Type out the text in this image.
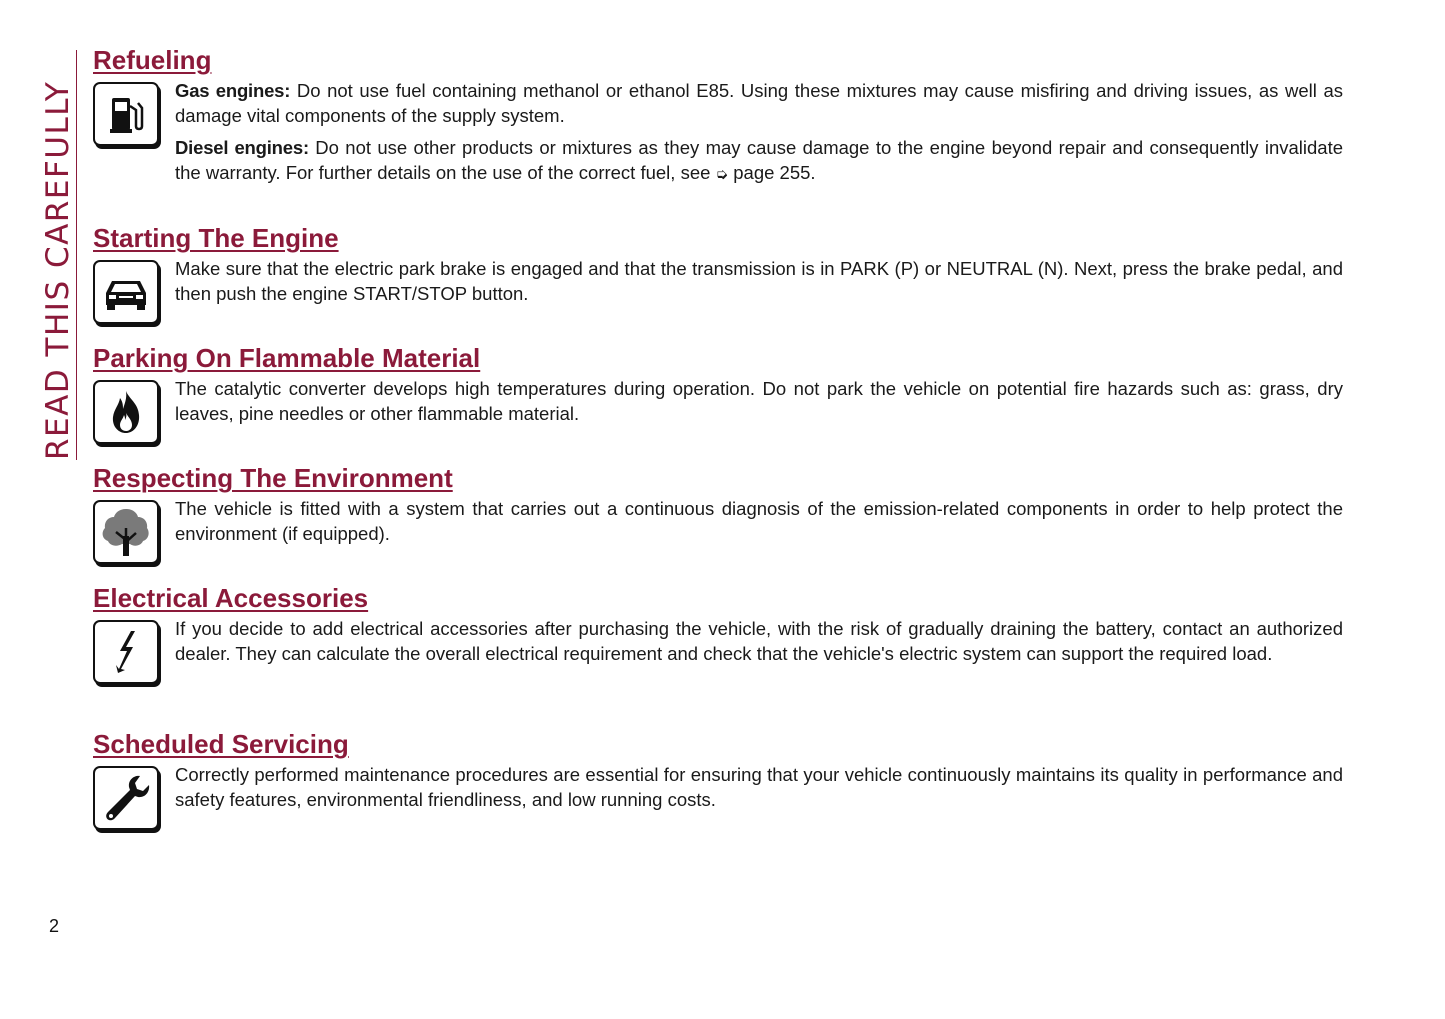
READ THIS CAREFULLY
Refueling

Gas engines: Do not use fuel containing methanol or ethanol E85. Using these mixtures may cause misfiring and driving issues, as well as damage vital components of the supply system.

Diesel engines: Do not use other products or mixtures as they may cause damage to the engine beyond repair and consequently invalidate the warranty. For further details on the use of the correct fuel, see ➭ page 255.

Starting The Engine

Make sure that the electric park brake is engaged and that the transmission is in PARK (P) or NEUTRAL (N). Next, press the brake pedal, and then push the engine START/STOP button.

Parking On Flammable Material

The catalytic converter develops high temperatures during operation. Do not park the vehicle on potential fire hazards such as: grass, dry leaves, pine needles or other flammable material.

Respecting The Environment

The vehicle is fitted with a system that carries out a continuous diagnosis of the emission-related components in order to help protect the environment (if equipped).

Electrical Accessories

If you decide to add electrical accessories after purchasing the vehicle, with the risk of gradually draining the battery, contact an authorized dealer. They can calculate the overall electrical requirement and check that the vehicle's electric system can support the required load.

Scheduled Servicing

Correctly performed maintenance procedures are essential for ensuring that your vehicle continuously maintains its quality in performance and safety features, environmental friendliness, and low running costs.

2
